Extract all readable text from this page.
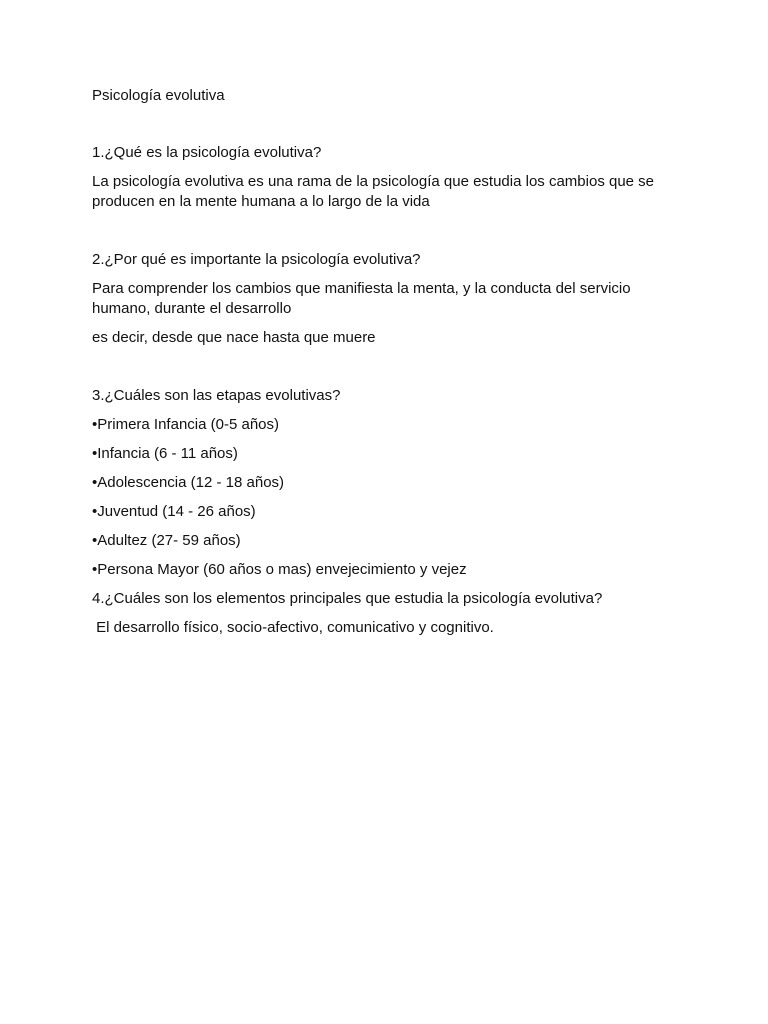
Psicología evolutiva

1.¿Qué es la psicología evolutiva?

La psicología evolutiva es una rama de la psicología que estudia los cambios que se producen en la mente humana a lo largo de la vida

2.¿Por qué es importante la psicología evolutiva?

Para comprender los cambios que manifiesta la menta, y la conducta del servicio humano, durante el desarrollo

es decir, desde que nace hasta que muere

3.¿Cuáles son las etapas evolutivas?

•Primera Infancia (0-5 años)

•Infancia (6 - 11 años)

•Adolescencia (12 - 18 años)

•Juventud (14 - 26 años)

•Adultez (27- 59 años)

•Persona Mayor (60 años o mas) envejecimiento y vejez

4.¿Cuáles son los elementos principales que estudia la psicología evolutiva?

El desarrollo físico, socio-afectivo, comunicativo y cognitivo.
